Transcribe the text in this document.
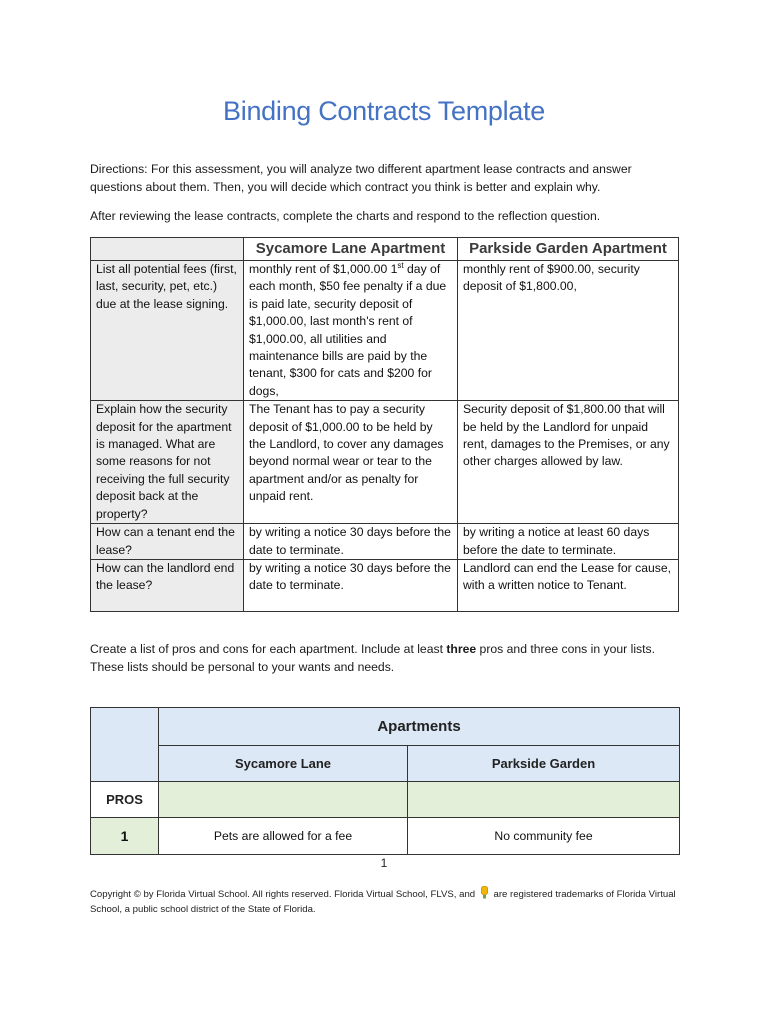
Binding Contracts Template
Directions: For this assessment, you will analyze two different apartment lease contracts and answer questions about them. Then, you will decide which contract you think is better and explain why.
After reviewing the lease contracts, complete the charts and respond to the reflection question.
	Sycamore Lane Apartment	Parkside Garden Apartment
List all potential fees (first, last, security, pet, etc.) due at the lease signing.	monthly rent of $1,000.00 1st day of each month, $50 fee penalty if a due is paid late, security deposit of $1,000.00, last month's rent of $1,000.00, all utilities and maintenance bills are paid by the tenant, $300 for cats and $200 for dogs,	monthly rent of $900.00, security deposit of $1,800.00,
Explain how the security deposit for the apartment is managed. What are some reasons for not receiving the full security deposit back at the property?	The Tenant has to pay a security deposit of $1,000.00 to be held by the Landlord, to cover any damages beyond normal wear or tear to the apartment and/or as penalty for unpaid rent.	Security deposit of $1,800.00 that will be held by the Landlord for unpaid rent, damages to the Premises, or any other charges allowed by law.
How can a tenant end the lease?	by writing a notice 30 days before the date to terminate.	by writing a notice at least 60 days before the date to terminate.
How can the landlord end the lease?	by writing a notice 30 days before the date to terminate.	Landlord can end the Lease for cause, with a written notice to Tenant.
Create a list of pros and cons for each apartment. Include at least three pros and three cons in your lists. These lists should be personal to your wants and needs.
	Apartments	
	Sycamore Lane	Parkside Garden
PROS		
1	Pets are allowed for a fee	No community fee
1
Copyright © by Florida Virtual School. All rights reserved. Florida Virtual School, FLVS, and are registered trademarks of Florida Virtual School, a public school district of the State of Florida.
